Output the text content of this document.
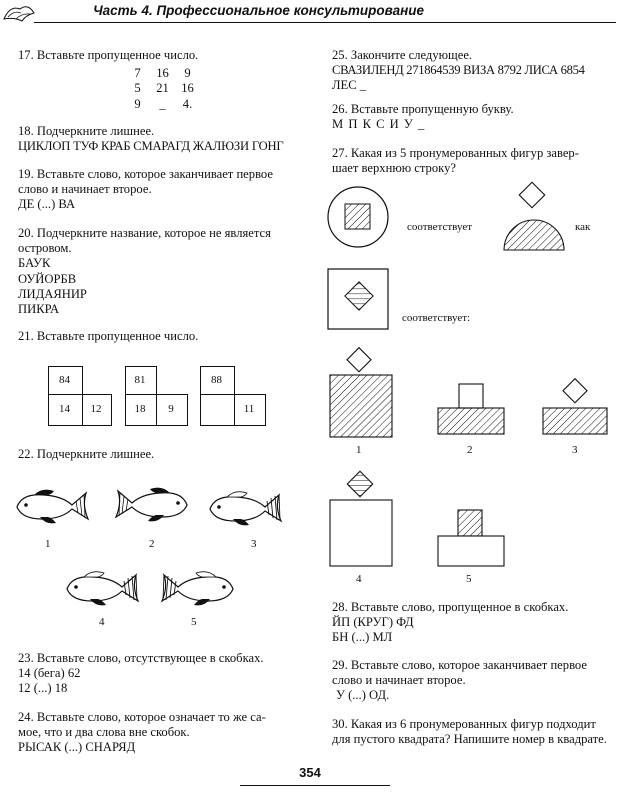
Часть 4. Профессиональное консультирование
17. Вставьте пропущенное число.
7	16	9
5	21 16
9	_	4.
18. Подчеркните лишнее.
ЦИКЛОП ТУФ КРАБ СМАРАГД ЖАЛЮЗИ ГОНГ
19. Вставьте слово, которое заканчивает первое
слово и начинает второе.
ДЕ (...) ВА
20. Подчеркните название, которое не является
островом.
БАУК
ОУЙОРБВ
ЛИДАЯНИР
ПИКРА
21. Вставьте пропущенное число.
22. Подчеркните лишнее.
23. Вставьте слово, отсутствующее в скобках.
14 (бега) 62
12 (...) 18
24. Вставьте слово, которое означает то же са-
мое, что и два слова вне скобок.
РЫСАК (...) СНАРЯД
84
14	12
81
18	9
88
11
1	2	3
4	5
25. Закончите следующее.
СВАЗИЛЕНД 271864539 ВИЗА 8792 ЛИСА 6854
ЛЕС _
26. Вставьте пропущенную букву.
М П К С И У _
27. Какая из 5 пронумерованных фигур завер-
шает верхнюю строку?
28. Вставьте слово, пропущенное в скобках.
ЙП (КРУГ) ФД
БН (...) МЛ
29. Вставьте слово, которое заканчивает первое
слово и начинает второе.
У (...) ОД.
30. Какая из 6 пронумерованных фигур подходит
для пустого квадрата? Напишите номер в квадрате.
соответствует	как
соответствует:
1	2	3
4	5
354
